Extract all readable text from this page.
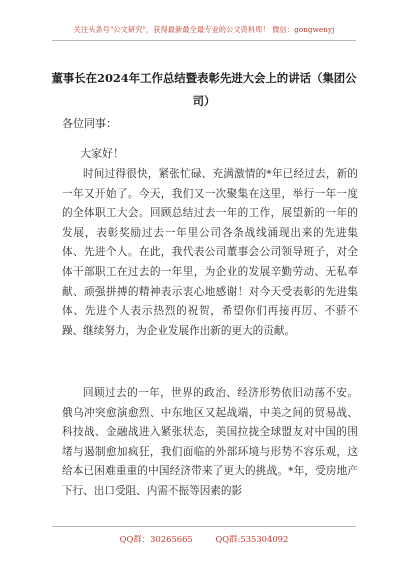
关注头条号"公文研究"，获得最新最全最专业的公文资料库！ 微信：gongwenyj
董事长在2024年工作总结暨表彰先进大会上的讲话（集团公司）
各位同事：
大家好！

时间过得很快，紧张忙碌、充满激情的*年已经过去，新的一年又开始了。今天，我们又一次聚集在这里，举行一年一度的全体职工大会。回顾总结过去一年的工作，展望新的一年的发展，表彰奖励过去一年里公司各条战线涌现出来的先进集体、先进个人。在此，我代表公司董事会公司领导班子，对全体干部职工在过去的一年里，为企业的发展辛勤劳动、无私奉献、顽强拼搏的精神表示衷心地感谢！对今天受表彰的先进集体、先进个人表示热烈的祝贺，希望你们再接再厉、不骄不躁、继续努力，为企业发展作出新的更大的贡献。

回顾过去的一年，世界的政治、经济形势依旧动荡不安。俄乌冲突愈演愈烈、中东地区又起战端，中美之间的贸易战、科技战、金融战进入紧张状态，美国拉拢全球盟友对中国的围堵与遏制愈加疯狂，我们面临的外部环境与形势不容乐观，这给本已困难重重的中国经济带来了更大的挑战。*年，受房地产下行、出口受阻、内需不振等因素的影

QQ群：30265665	QQ群:535304092
